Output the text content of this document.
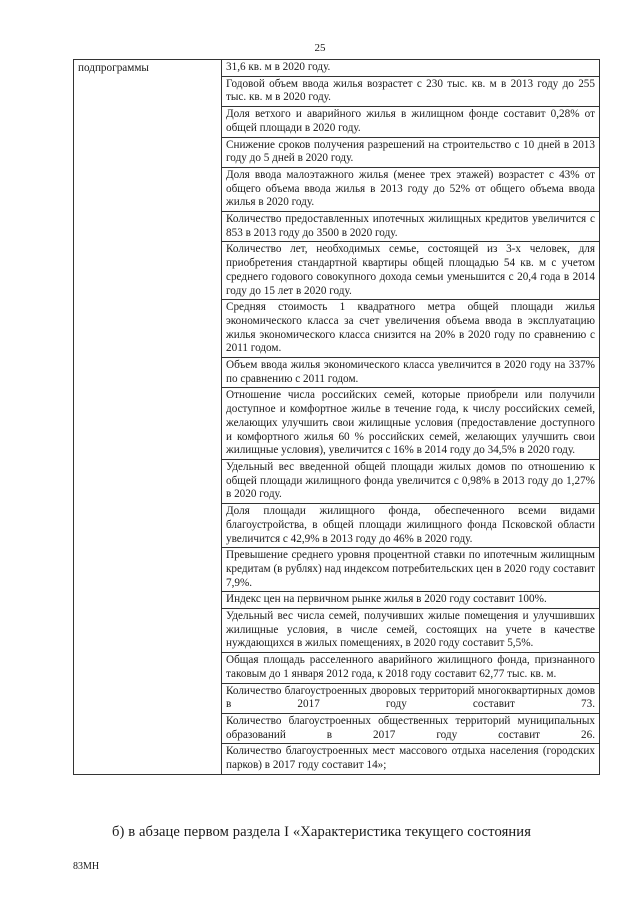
25
подпрограммы	31,6 кв. м в 2020 году.
Годовой объем ввода жилья возрастет с 230 тыс. кв. м в 2013 году до 255 тыс. кв. м в 2020 году.
Доля ветхого и аварийного жилья в жилищном фонде составит 0,28% от общей площади в 2020 году.
Снижение сроков получения разрешений на строительство с 10 дней в 2013 году до 5 дней в 2020 году.
Доля ввода малоэтажного жилья (менее трех этажей) возрастет с 43% от общего объема ввода жилья в 2013 году до 52% от общего объема ввода жилья в 2020 году.
Количество предоставленных ипотечных жилищных кредитов увеличится с 853 в 2013 году до 3500 в 2020 году.
Количество лет, необходимых семье, состоящей из 3-х человек, для приобретения стандартной квартиры общей площадью 54 кв. м с учетом среднего годового совокупного дохода семьи уменьшится с 20,4 года в 2014 году до 15 лет в 2020 году.
Средняя стоимость 1 квадратного метра общей площади жилья экономического класса за счет увеличения объема ввода в эксплуатацию жилья экономического класса снизится на 20% в 2020 году по сравнению с 2011 годом.
Объем ввода жилья экономического класса увеличится в 2020 году на 337% по сравнению с 2011 годом.
Отношение числа российских семей, которые приобрели или получили доступное и комфортное жилье в течение года, к числу российских семей, желающих улучшить свои жилищные условия (предоставление доступного и комфортного жилья 60 % российских семей, желающих улучшить свои жилищные условия), увеличится с 16% в 2014 году до 34,5% в 2020 году.
Удельный вес введенной общей площади жилых домов по отношению к общей площади жилищного фонда увеличится с 0,98% в 2013 году до 1,27% в 2020 году.
Доля площади жилищного фонда, обеспеченного всеми видами благоустройства, в общей площади жилищного фонда Псковской области увеличится с 42,9% в 2013 году до 46% в 2020 году.
Превышение среднего уровня процентной ставки по ипотечным жилищным кредитам (в рублях) над индексом потребительских цен в 2020 году составит 7,9%.
Индекс цен на первичном рынке жилья в 2020 году составит 100%.
Удельный вес числа семей, получивших жилые помещения и улучшивших жилищные условия, в числе семей, состоящих на учете в качестве нуждающихся в жилых помещениях, в 2020 году составит 5,5%.
Общая площадь расселенного аварийного жилищного фонда, признанного таковым до 1 января 2012 года, к 2018 году составит 62,77 тыс. кв. м.
Количество благоустроенных дворовых территорий многоквартирных домов в 2017 году составит 73.
Количество благоустроенных общественных территорий муниципальных образований в 2017 году составит 26.
Количество благоустроенных мест массового отдыха населения (городских парков) в 2017 году составит 14»;
б) в абзаце первом раздела I «Характеристика текущего состояния
83МН
